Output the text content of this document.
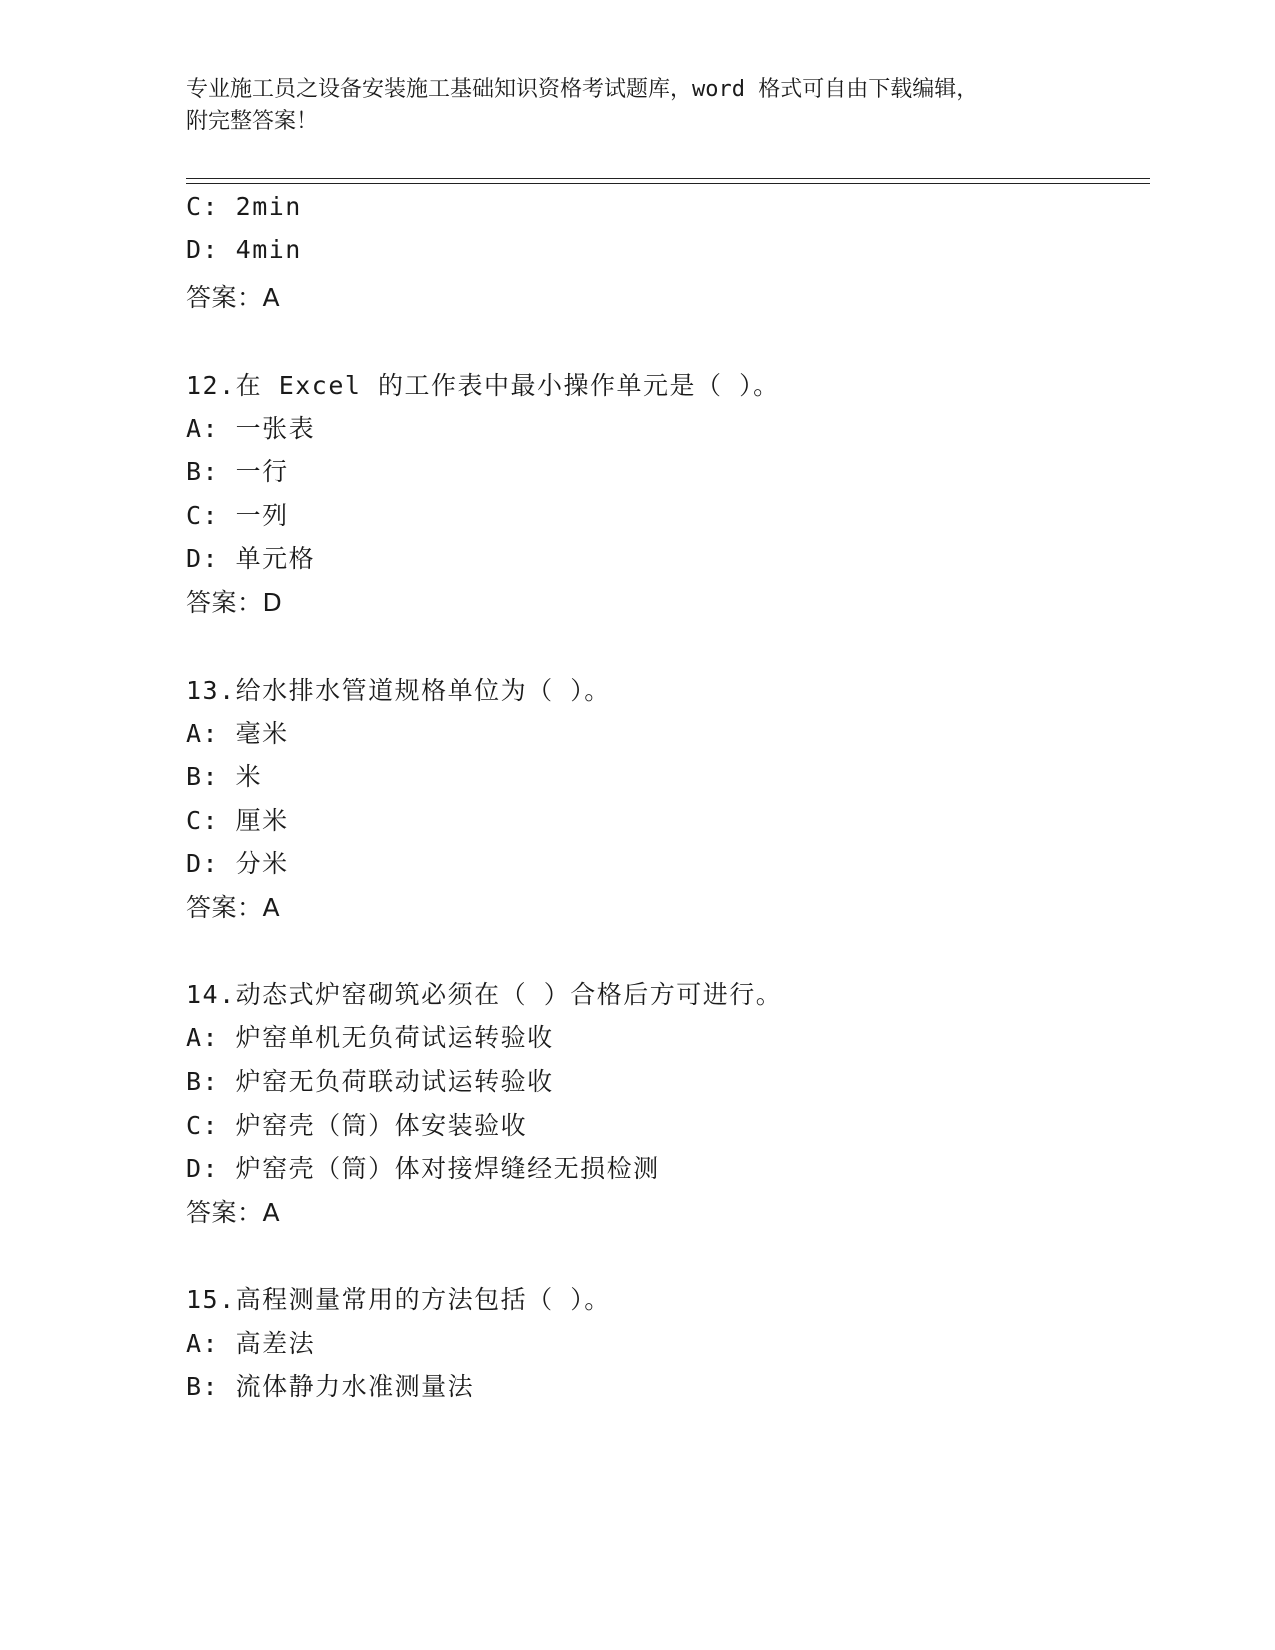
专业施工员之设备安装施工基础知识资格考试题库，word 格式可自由下载编辑，
附完整答案！
C: 2min
D: 4min
答案：A
12.在 Excel 的工作表中最小操作单元是（ ）。
A: 一张表
B: 一行
C: 一列
D: 单元格
答案：D
13.给水排水管道规格单位为（ ）。
A: 毫米
B: 米
C: 厘米
D: 分米
答案：A
14.动态式炉窑砌筑必须在（ ）合格后方可进行。
A: 炉窑单机无负荷试运转验收
B: 炉窑无负荷联动试运转验收
C: 炉窑壳（筒）体安装验收
D: 炉窑壳（筒）体对接焊缝经无损检测
答案：A
15.高程测量常用的方法包括（ ）。
A: 高差法
B: 流体静力水准测量法
